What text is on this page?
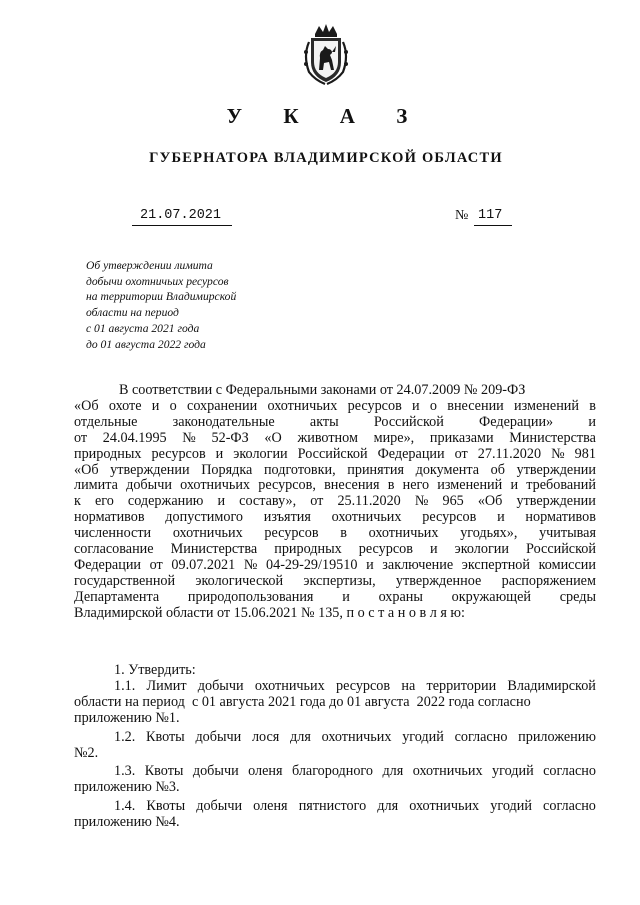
У К А З
ГУБЕРНАТОРА ВЛАДИМИРСКОЙ ОБЛАСТИ
21.07.2021	№ 117
Об утверждении лимита
добычи охотничьих ресурсов
на территории Владимирской
области на период
с 01 августа 2021 года
до 01 августа 2022 года
В соответствии с Федеральными законами от 24.07.2009 № 209-ФЗ
«Об охоте и о сохранении охотничьих ресурсов и о внесении изменений в
отдельные законодательные акты Российской Федерации» и
от 24.04.1995 № 52-ФЗ «О животном мире», приказами Министерства
природных ресурсов и экологии Российской Федерации от 27.11.2020 № 981
«Об утверждении Порядка подготовки, принятия документа об утверждении
лимита добычи охотничьих ресурсов, внесения в него изменений и требований
к его содержанию и составу», от 25.11.2020 № 965 «Об утверждении
нормативов допустимого изъятия охотничьих ресурсов и нормативов
численности охотничьих ресурсов в охотничьих угодьях», учитывая
согласование Министерства природных ресурсов и экологии Российской
Федерации от 09.07.2021 № 04-29-29/19510 и заключение экспертной комиссии
государственной экологической экспертизы, утвержденное распоряжением
Департамента природопользования и охраны окружающей среды
Владимирской области от 15.06.2021 № 135, п о с т а н о в л я ю:
1. Утвердить:
1.1. Лимит добычи охотничьих ресурсов на территории Владимирской
области на период  с 01 августа 2021 года до 01 августа  2022 года согласно
приложению №1.
1.2. Квоты добычи лося для охотничьих угодий согласно приложению
№2.
1.3. Квоты добычи оленя благородного для охотничьих угодий согласно
приложению №3.
1.4. Квоты добычи оленя пятнистого для охотничьих угодий согласно
приложению №4.
